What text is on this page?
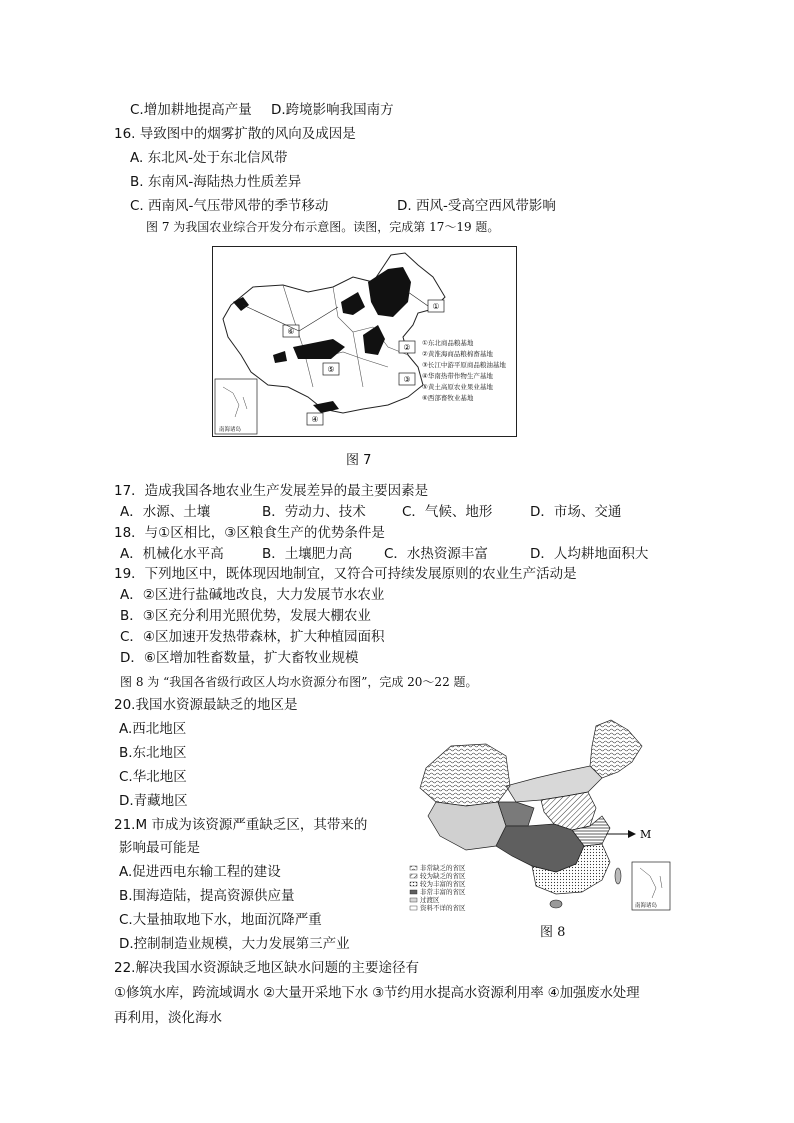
C.增加耕地提高产量 D.跨境影响我国南方
16. 导致图中的烟雾扩散的风向及成因是
A. 东北风-处于东北信风带
B. 东南风-海陆热力性质差异
C. 西南风-气压带风带的季节移动	D. 西风-受高空西风带影响
图 7 为我国农业综合开发分布示意图。读图，完成第 17～19 题。
①
②
③
④
⑤
⑥
①东北商品粮基地
②黄淮海商品粮棉畜基地
③长江中游平原商品粮油基地
④华南热带作物生产基地
⑤黄土高原农业果业基地
⑥西部畜牧业基地
南海诸岛
图 7
17．造成我国各地农业生产发展差异的最主要因素是
A．水源、土壤	B．劳动力、技术	C．气候、地形	D．市场、交通
18．与①区相比，③区粮食生产的优势条件是
A．机械化水平高	B．土壤肥力高 C．水热资源丰富	D．人均耕地面积大
19．下列地区中，既体现因地制宜，又符合可持续发展原则的农业生产活动是
A．②区进行盐碱地改良，大力发展节水农业
B．③区充分利用光照优势，发展大棚农业
C．④区加速开发热带森林，扩大种植园面积
D．⑥区增加牲畜数量，扩大畜牧业规模
图 8 为 “我国各省级行政区人均水资源分布图”，完成 20～22 题。
20.我国水资源最缺乏的地区是
A.西北地区
B.东北地区
C.华北地区
D.青藏地区
21.M 市成为该资源严重缺乏区，其带来的
影响最可能是
A.促进西电东输工程的建设
B.围海造陆，提高资源供应量
C.大量抽取地下水，地面沉降严重
D.控制制造业规模，大力发展第三产业
M
非常缺乏的省区
较为缺乏的省区
较为丰富的省区
非常丰富的省区
过渡区
资料不详的省区	南海诸岛
图 8
22.解决我国水资源缺乏地区缺水问题的主要途径有
①修筑水库，跨流域调水 ②大量开采地下水 ③节约用水提高水资源利用率 ④加强废水处理
再利用，淡化海水
